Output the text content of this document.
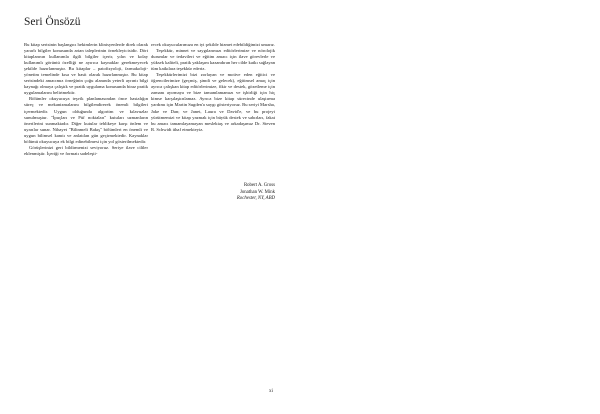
Seri Önsözü

Bu kitap serisinin başlangıcı hekimlerin klinisyenlerde direk olarak yararlı bilgiler konusunda artan taleplerinin örnekleyicisidir. Dört kitaplarının kullanımla ilgili bilgiler içerir, yılın ve kolay kullanımlı görüntü özelliği ne ayırıca kaynaklar gerekmeyecek şekilde hazırlanmıştır. Bu kitaplar – patofizyoloji, farmakoloji- yönetim temelinde kısa ve basit olarak hazırlanmıştır. Bu kitap serisindeki amacımız örneğinin çoğu alanında yeterli ayrıntı bilgi kaynağı olmaya çalıştık ve pratik uygulama konusunda biraz pratik uygulamalarını belirtmektir.

Bölümler okuyucuya teşvik planlamasından önce hastalığın süreç ve mekanizmalarını bilgilendirerek önemli bilgileri içermektedir. Uygun olduğunda algoritm ve kılavuzlar sunulmuştur. "İpuçları ve Püf noktaları" kutuları uzmanların önerilerini sunmaktadır. Diğer kutular tehlikeye karşı önlem ve uyarılar sunar. Nihayet "Bilinmeli Bakış" bölümleri en önemli ve uygun bilimsel kanıtı ve anlatılan gün geçirmektedir. Kaynaklar bölümü okuyucuya ek bilgi edinebilmesi için yol gösterilmektedir.

Görüşlerinizi geri bildirmenizi seviyoruz. Seriye ilave ciltler eklenmiştir. İçeriği ve formatı sadeleşti-

recek okuyucularımıza en iyi şekilde hizmet edebildiğimizi umarız.

Teşekkür, minnet ve saygılarımızı editörlerimize ve nörolojik durumlar ve tedavileri ve eğitim amacı için ilave görevlerle ve yüksek kaliteli, pratik yaklaşım kazandıran her cilde katkı sağlayan tüm katkılara teşekkür ederiz.

Teşekkürlerimizi bizi zorlayan ve motive eden eğitici ve öğrencilerimize (geçmiş, şimdi ve gelecek), eğitimsel amaç için ayrıca çalışkan kitap editörlerimize, fikir ve destek, gözetleme için zamanı ayırmaya ve bize tamamlamamızı ve işbirliği için hiç kimse karşılaştırılamaz. Ayrıca bize kitap sürecinde ulaştırma yardımı için Martin Sugden'a saygı gösteriyoruz. Bu seriyi Marsha, Jake ve Dan; ve Janet, Laura ve David'e, ve bu projeyi yürütmemizi ve kitap yazmak için büyük destek ve sabırları, fakat bu amacı tamamlayamayan meslektaş ve arkadaşımız Dr. Steven R. Schwidt ithaf etmekteyiz.

Robert A. Gross
Jonathan W. Mink
Rochester, NY, ABD
xi
